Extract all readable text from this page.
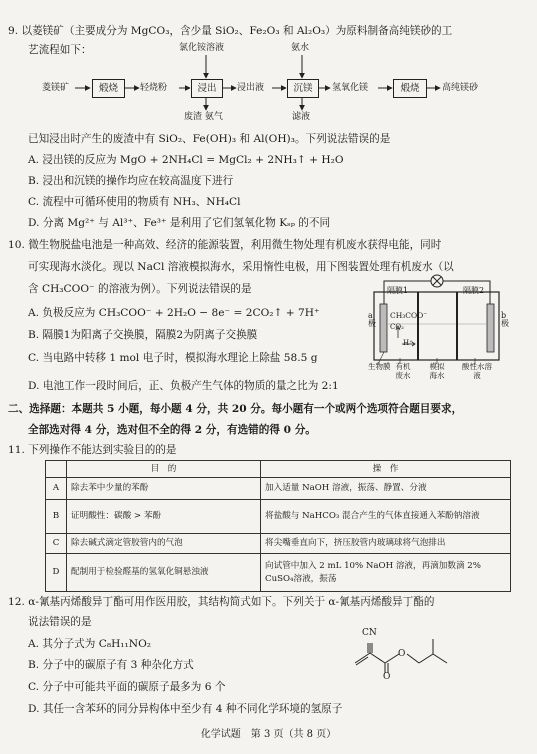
9. 以菱镁矿（主要成分为 MgCO₃，含少量 SiO₂、Fe₂O₃ 和 Al₂O₃）为原料制备高纯镁砂的工
艺流程如下：
菱镁矿	煅烧	轻烧粉	浸出
氯化铵溶液
废渣 氨气
浸出液	沉镁
氨水
滤液
氢氧化镁	煅烧	高纯镁砂
已知浸出时产生的废渣中有 SiO₂、Fe(OH)₃ 和 Al(OH)₃。下列说法错误的是
A. 浸出镁的反应为 MgO + 2NH₄Cl = MgCl₂ + 2NH₃↑ + H₂O
B. 浸出和沉镁的操作均应在较高温度下进行
C. 流程中可循环使用的物质有 NH₃、NH₄Cl
D. 分离 Mg²⁺ 与 Al³⁺、Fe³⁺ 是利用了它们氢氧化物 Kₛₚ 的不同
10. 微生物脱盐电池是一种高效、经济的能源装置，利用微生物处理有机废水获得电能，同时
可实现海水淡化。现以 NaCl 溶液模拟海水，采用惰性电极，用下图装置处理有机废水（以
含 CH₃COO⁻ 的溶液为例）。下列说法错误的是
A. 负极反应为 CH₃COO⁻ + 2H₂O − 8e⁻ = 2CO₂↑ + 7H⁺
B. 隔膜1为阳离子交换膜，隔膜2为阴离子交换膜
C. 当电路中转移 1 mol 电子时，模拟海水理论上除盐 58.5 g
D. 电池工作一段时间后，正、负极产生气体的物质的量之比为 2:1
隔膜1	隔膜2
a极
b极
CH₃COO⁻
CO₂
H⁺
生物膜 有机废水
模拟海水
酸性水溶液
二、选择题：本题共 5 小题，每小题 4 分，共 20 分。每小题有一个或两个选项符合题目要求，
全部选对得 4 分，选对但不全的得 2 分，有选错的得 0 分。
11. 下列操作不能达到实验目的的是
	目　的	操　作
A	除去苯中少量的苯酚	加入适量 NaOH 溶液，振荡、静置、分液
B	证明酸性：碳酸 > 苯酚	将盐酸与 NaHCO₃ 混合产生的气体直接通入苯酚钠溶液
C	除去碱式滴定管胶管内的气泡	将尖嘴垂直向下，挤压胶管内玻璃球将气泡排出
D	配制用于检验醛基的氢氧化铜悬浊液	向试管中加入 2 mL 10% NaOH 溶液，再滴加数滴 2% CuSO₄溶液，振荡
12. α-氰基丙烯酸异丁酯可用作医用胶，其结构简式如下。下列关于 α-氰基丙烯酸异丁酯的
说法错误的是
A. 其分子式为 C₈H₁₁NO₂
B. 分子中的碳原子有 3 种杂化方式
C. 分子中可能共平面的碳原子最多为 6 个
D. 其任一含苯环的同分异构体中至少有 4 种不同化学环境的氢原子
CN
O
O
化学试题　第 3 页（共 8 页）
